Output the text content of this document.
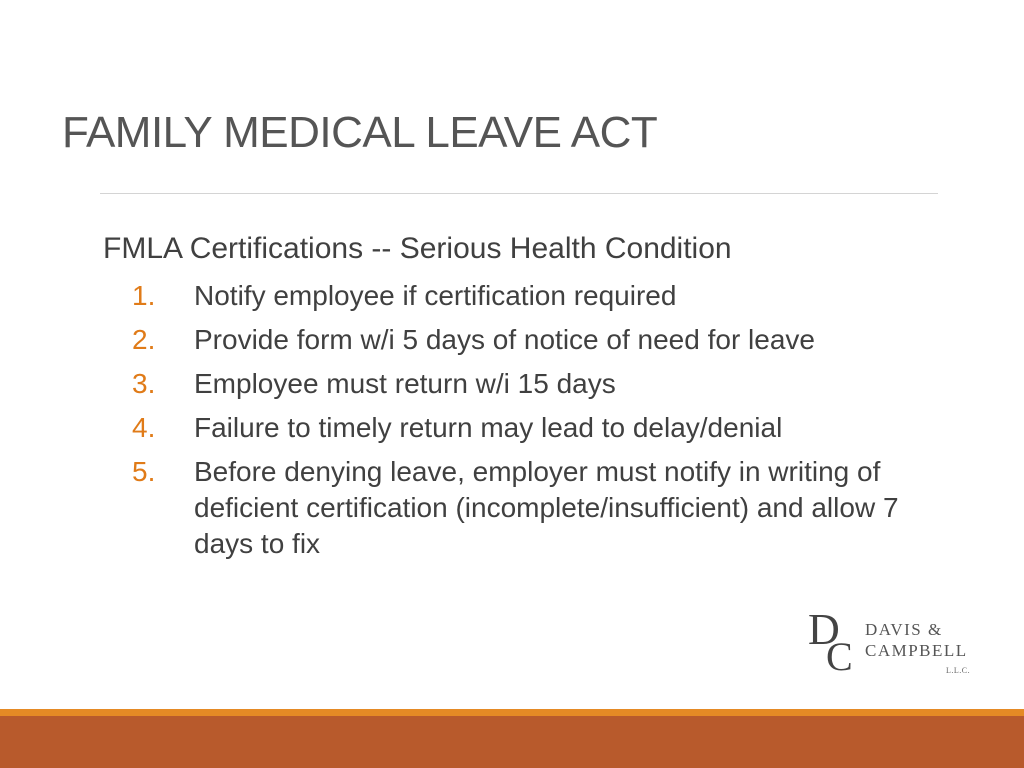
FAMILY MEDICAL LEAVE ACT
FMLA Certifications -- Serious Health Condition
1.	Notify employee if certification required
2.	Provide form w/i 5 days of notice of need for leave
3.	Employee must return w/i 15 days
4.	Failure to timely return may lead to delay/denial
5.	Before denying leave, employer must notify in writing of deficient certification (incomplete/insufficient) and allow 7 days to fix
D C
DAVIS &
CAMPBELL
L.L.C.
